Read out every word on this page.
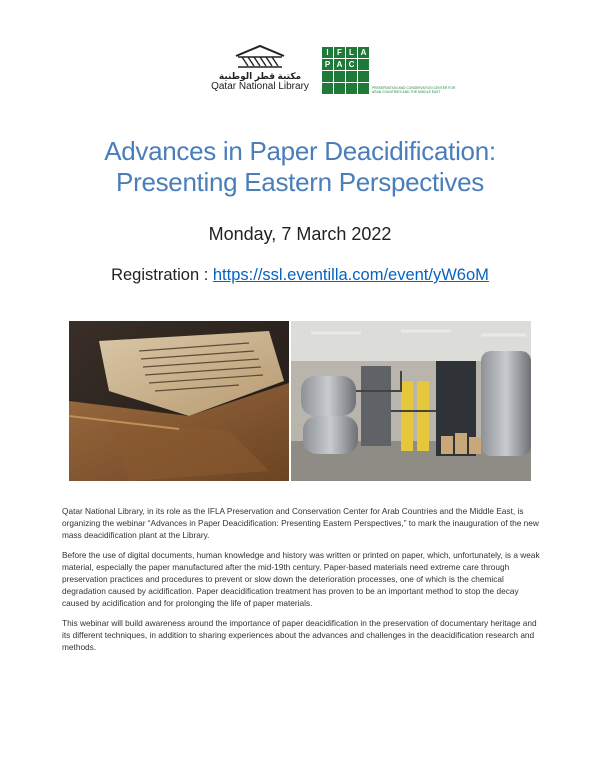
مكتبة قطر الوطنية
Qatar National Library
I	F L A
P A C
PRESERVATION AND CONSERVATION CENTER FOR ARAB COUNTRIES AND THE MIDDLE EAST
Advances in Paper Deacidification:
Presenting Eastern Perspectives
Monday, 7 March 2022
Registration : https://ssl.eventilla.com/event/yW6oM

Qatar National Library, in its role as the IFLA Preservation and Conservation Center for Arab Countries and the Middle East, is organizing the webinar “Advances in Paper Deacidification: Presenting Eastern Perspectives,” to mark the inauguration of the new mass deacidification plant at the Library.

Before the use of digital documents, human knowledge and history was written or printed on paper, which, unfortunately, is a weak material, especially the paper manufactured after the mid-19th century. Paper-based materials need extreme care through preservation practices and procedures to prevent or slow down the deterioration processes, one of which is the chemical degradation caused by acidification. Paper deacidification treatment has proven to be an important method to stop the decay caused by acidification and for prolonging the life of paper materials.

This webinar will build awareness around the importance of paper deacidification in the preservation of documentary heritage and its different techniques, in addition to sharing experiences about the advances and challenges in the deacidification research and methods.
